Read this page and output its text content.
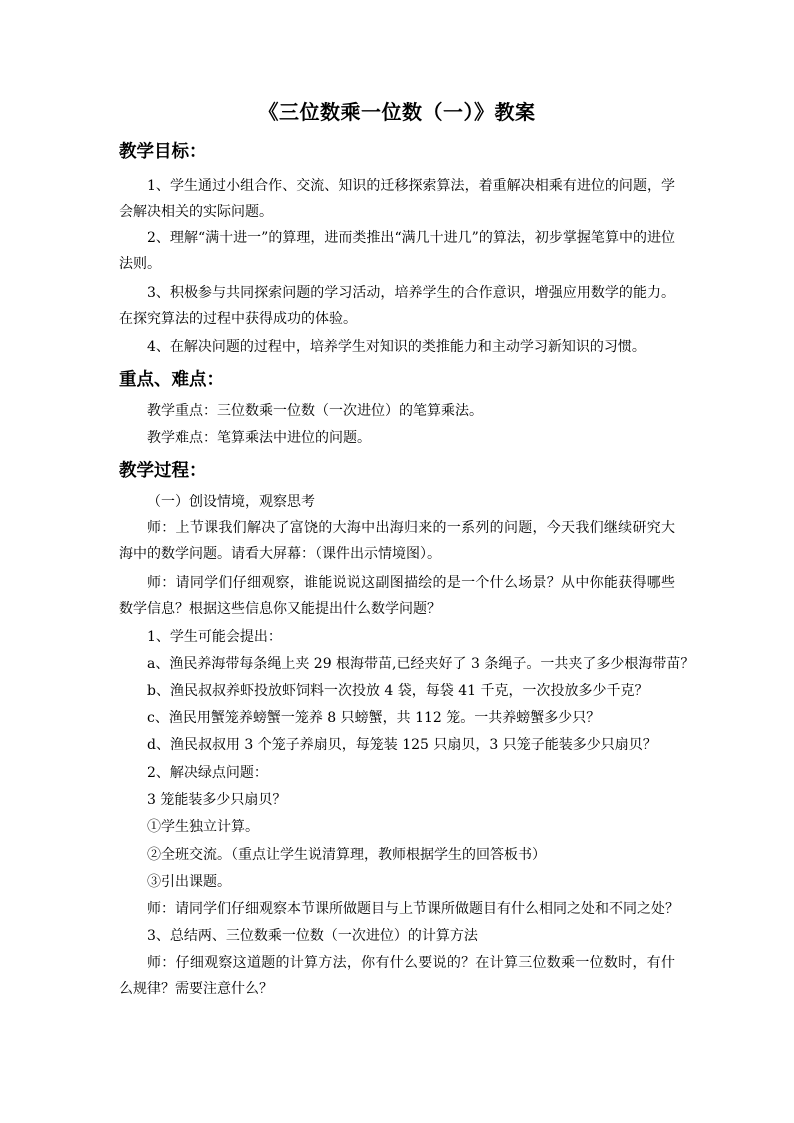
《三位数乘一位数（一）》教案
教学目标：
1、学生通过小组合作、交流、知识的迁移探索算法，着重解决相乘有进位的问题，学会解决相关的实际问题。
2、理解“满十进一”的算理，进而类推出“满几十进几”的算法，初步掌握笔算中的进位法则。
3、积极参与共同探索问题的学习活动，培养学生的合作意识，增强应用数学的能力。在探究算法的过程中获得成功的体验。
4、在解决问题的过程中，培养学生对知识的类推能力和主动学习新知识的习惯。
重点、难点：
教学重点：三位数乘一位数（一次进位）的笔算乘法。
教学难点：笔算乘法中进位的问题。
教学过程：
（一）创设情境，观察思考
师：上节课我们解决了富饶的大海中出海归来的一系列的问题，今天我们继续研究大海中的数学问题。请看大屏幕：（课件出示情境图）。
师：请同学们仔细观察，谁能说说这副图描绘的是一个什么场景？从中你能获得哪些数学信息？根据这些信息你又能提出什么数学问题？
1、学生可能会提出：
a、渔民养海带每条绳上夹 29 根海带苗,已经夹好了 3 条绳子。一共夹了多少根海带苗？
b、渔民叔叔养虾投放虾饲料一次投放 4 袋，每袋 41 千克，一次投放多少千克？
c、渔民用蟹笼养螃蟹一笼养 8 只螃蟹，共 112 笼。一共养螃蟹多少只？
d、渔民叔叔用 3 个笼子养扇贝，每笼装 125 只扇贝，3 只笼子能装多少只扇贝？
2、解决绿点问题：
3 笼能装多少只扇贝？
①学生独立计算。
②全班交流。（重点让学生说清算理，教师根据学生的回答板书）
③引出课题。
师：请同学们仔细观察本节课所做题目与上节课所做题目有什么相同之处和不同之处？
3、总结两、三位数乘一位数（一次进位）的计算方法
师：仔细观察这道题的计算方法，你有什么要说的？在计算三位数乘一位数时，有什么规律？需要注意什么？
